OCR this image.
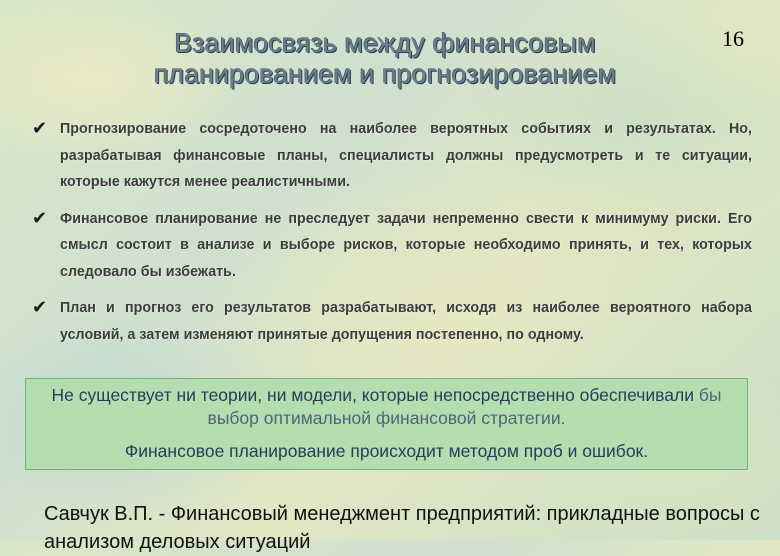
16
Взаимосвязь между финансовым
планированием и прогнозированием
✔ Прогнозирование сосредоточено на наиболее вероятных событиях и результатах. Но, разрабатывая финансовые планы, специалисты должны предусмотреть и те ситуации, которые кажутся менее реалистичными.
✔ Финансовое планирование не преследует задачи непременно свести к минимуму риски. Его смысл состоит в анализе и выборе рисков, которые необходимо принять, и тех, которых следовало бы избежать.
✔ План и прогноз его результатов разрабатывают, исходя из наиболее вероятного набора условий, а затем изменяют принятые допущения постепенно, по одному.
Не существует ни теории, ни модели, которые непосредственно обеспечивали бы выбор оптимальной финансовой стратегии.
Финансовое планирование происходит методом проб и ошибок.
Савчук В.П. - Финансовый менеджмент предприятий: прикладные вопросы с анализом деловых ситуаций
